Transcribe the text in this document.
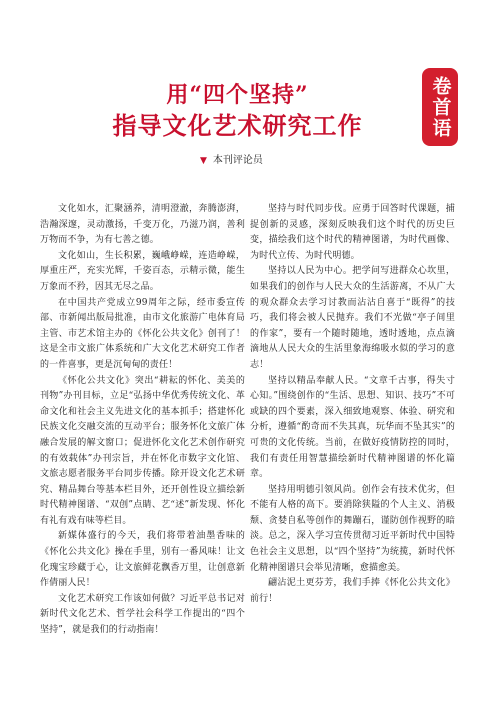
用“四个坚持”
指导文化艺术研究工作
▼ 本刊评论员
卷首语

文化如水，汇聚涵养，清明澄澈，奔腾澎湃，浩瀚深邃，灵动激扬，千变万化，乃滋乃润，善利万物而不争，为有七善之德。

文化如山，生长积累，巍峨峥嵘，连造峥嵘，厚重庄严，充实光辉，千姿百态，示精示微，能生万象而不矜，因其无尽之品。

在中国共产党成立99周年之际，经市委宣传部、市新闻出版局批准，由市文化旅游广电体育局主管、市艺术馆主办的《怀化公共文化》创刊了！这是全市文旅广体系统和广大文化艺术研究工作者的一件喜事，更是沉甸甸的责任！

《怀化公共文化》突出“耕耘的怀化、美美的刊物”办刊目标，立足“弘扬中华优秀传统文化、革命文化和社会主义先进文化的基本抓手；搭建怀化民族文化交融交流的互动平台；服务怀化文旅广体融合发展的解文窗口；促进怀化文化艺术创作研究的有效载体”办刊宗旨，并在怀化市数字文化馆、文旅志愿者服务平台同步传播。除开设文化艺术研究、精品舞台等基本栏目外，还开创性设立描绘新时代精神图谱、“双创”点睛、艺“述”新发现、怀化有礼有戏有味等栏目。

新媒体盛行的今天，我们将带着油墨香味的《怀化公共文化》操在手里，别有一番风味！让文化瑰宝珍藏于心，让文旅鲜花飘香万里，让创意新作倩丽人民！

文化艺术研究工作该如何做？习近平总书记对新时代文化艺术、哲学社会科学工作提出的“四个坚持”，就是我们的行动指南！

坚持与时代同步伐。应勇于回答时代课题，捕捉创新的灵感，深刻反映我们这个时代的历史巨变，描绘我们这个时代的精神图谱，为时代画像、为时代立传、为时代明德。

坚持以人民为中心。把学问写进群众心坎里，如果我们的创作与人民大众的生活游离，不从广大的观众群众去学习讨教而沾沾自喜于“既得”的技巧，我们将会被人民抛弃。我们不光做“亭子间里的作家”，要有一个随时随地，透时透地，点点滴滴地从人民大众的生活里象海绵吸水似的学习的意志！

坚持以精品奉献人民。“文章千古事，得失寸心知。”围绕创作的“生活、思想、知识、技巧”不可或缺的四个要素，深入细致地观察、体验、研究和分析，遵循“酌奇而不失其真，玩华而不坠其实”的可贵的文化传统。当前，在做好疫情防控的同时，我们有责任用智慧描绘新时代精神图谱的怀化篇章。

坚持用明德引领风尚。创作会有技术优劣，但不能有人格的高下。要消除狭隘的个人主义、消极颓、贪婪自私等创作的舞蹦石，谨防创作视野的暗淡。总之，深入学习宣传贯彻习近平新时代中国特色社会主义思想，以“四个坚持”为统揽，新时代怀化精神图谱只会举见清晰，愈描愈美。

翩沾泥土更芬芳，我们手捧《怀化公共文化》前行！
